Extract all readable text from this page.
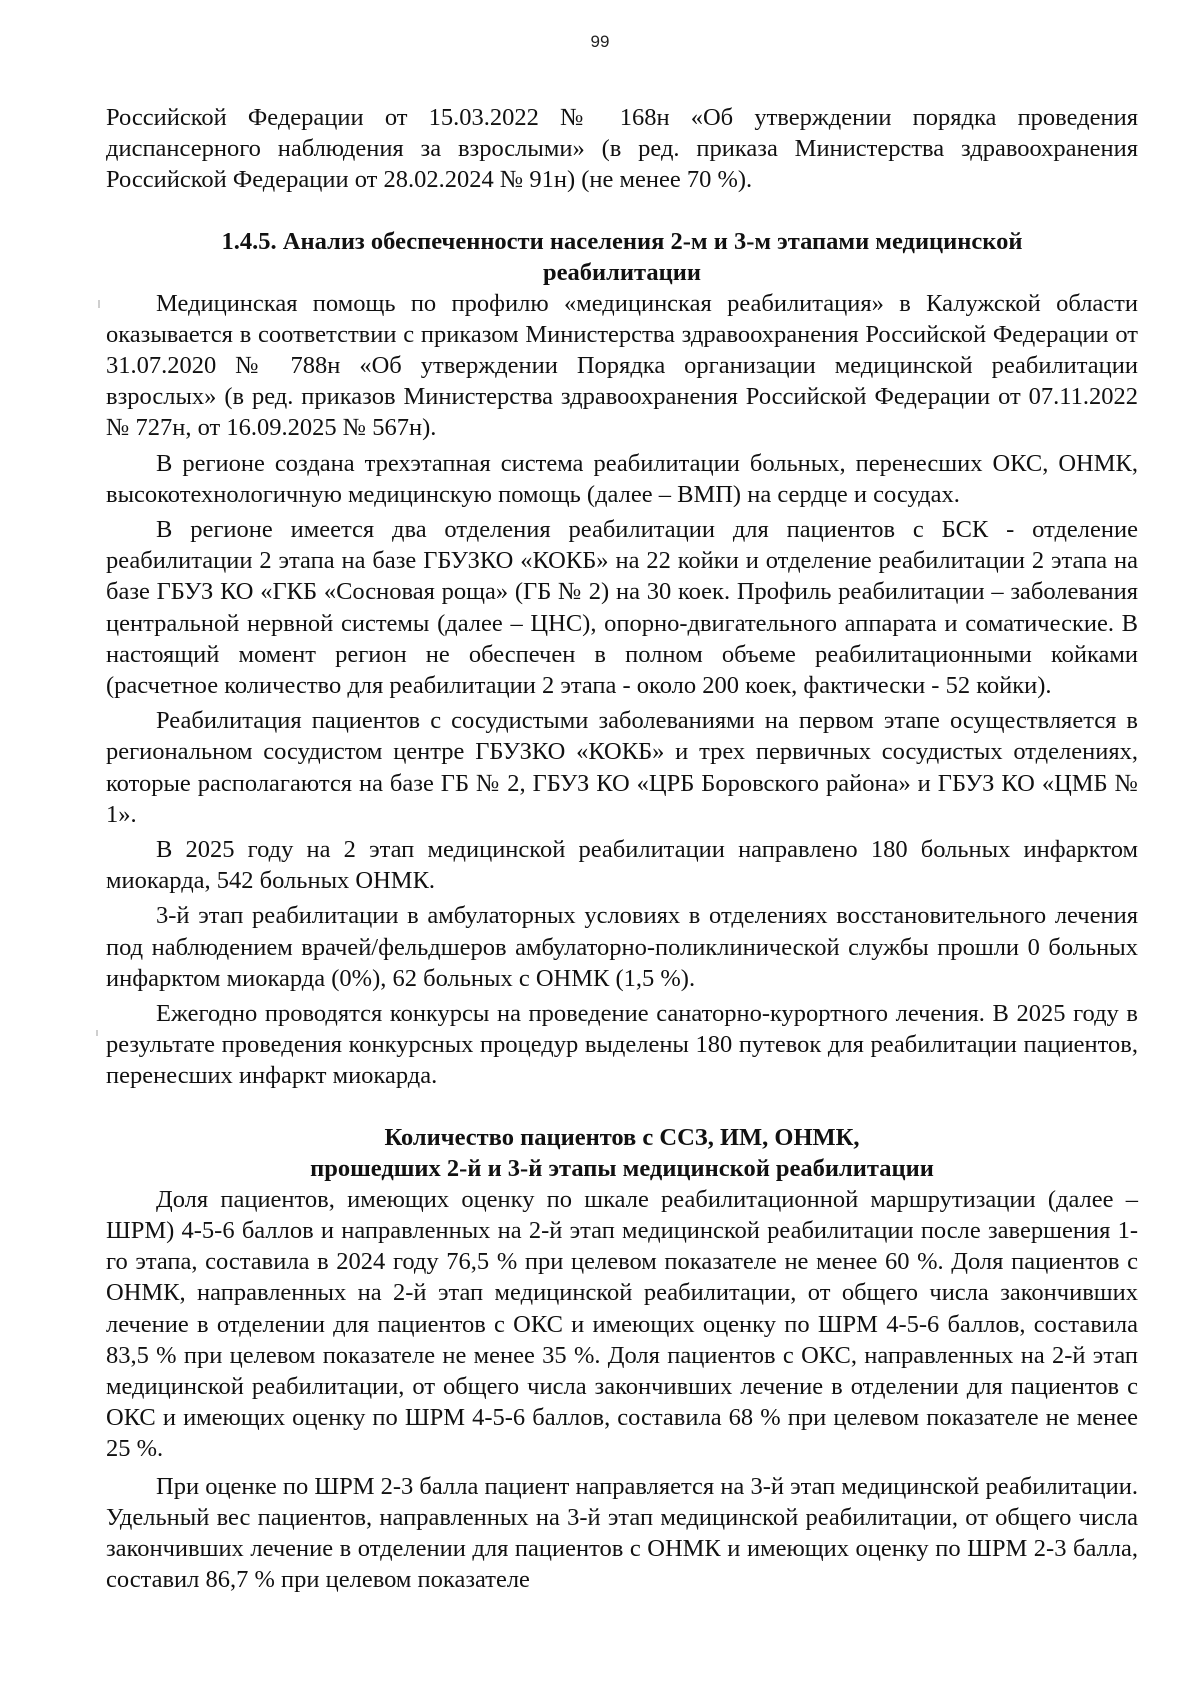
99

Российской Федерации от 15.03.2022 № 168н «Об утверждении порядка проведения диспансерного наблюдения за взрослыми» (в ред. приказа Министерства здравоохранения Российской Федерации от 28.02.2024 № 91н) (не менее 70 %).

1.4.5. Анализ обеспеченности населения 2-м и 3-м этапами медицинской
реабилитации

Медицинская помощь по профилю «медицинская реабилитация» в Калужской области оказывается в соответствии с приказом Министерства здравоохранения Российской Федерации от 31.07.2020 № 788н «Об утверждении Порядка организации медицинской реабилитации взрослых» (в ред. приказов Министерства здравоохранения Российской Федерации от 07.11.2022 № 727н, от 16.09.2025 № 567н).

В регионе создана трехэтапная система реабилитации больных, перенесших ОКС, ОНМК, высокотехнологичную медицинскую помощь (далее – ВМП) на сердце и сосудах.

В регионе имеется два отделения реабилитации для пациентов с БСК - отделение реабилитации 2 этапа на базе ГБУЗКО «КОКБ» на 22 койки и отделение реабилитации 2 этапа на базе ГБУЗ КО «ГКБ «Сосновая роща» (ГБ № 2) на 30 коек. Профиль реабилитации – заболевания центральной нервной системы (далее – ЦНС), опорно-двигательного аппарата и соматические. В настоящий момент регион не обеспечен в полном объеме реабилитационными койками (расчетное количество для реабилитации 2 этапа - около 200 коек, фактически - 52 койки).

Реабилитация пациентов с сосудистыми заболеваниями на первом этапе осуществляется в региональном сосудистом центре ГБУЗКО «КОКБ» и трех первичных сосудистых отделениях, которые располагаются на базе ГБ № 2, ГБУЗ КО «ЦРБ Боровского района» и ГБУЗ КО «ЦМБ № 1».

В 2025 году на 2 этап медицинской реабилитации направлено 180 больных инфарктом миокарда, 542 больных ОНМК.

3-й этап реабилитации в амбулаторных условиях в отделениях восстановительного лечения под наблюдением врачей/фельдшеров амбулаторно-поликлинической службы прошли 0 больных инфарктом миокарда (0%), 62 больных с ОНМК (1,5 %).

Ежегодно проводятся конкурсы на проведение санаторно-курортного лечения. В 2025 году в результате проведения конкурсных процедур выделены 180 путевок для реабилитации пациентов, перенесших инфаркт миокарда.

Количество пациентов с ССЗ, ИМ, ОНМК,
прошедших 2-й и 3-й этапы медицинской реабилитации

Доля пациентов, имеющих оценку по шкале реабилитационной маршрутизации (далее – ШРМ) 4-5-6 баллов и направленных на 2-й этап медицинской реабилитации после завершения 1-го этапа, составила в 2024 году 76,5 % при целевом показателе не менее 60 %. Доля пациентов с ОНМК, направленных на 2-й этап медицинской реабилитации, от общего числа закончивших лечение в отделении для пациентов с ОКС и имеющих оценку по ШРМ 4-5-6 баллов, составила 83,5 % при целевом показателе не менее 35 %. Доля пациентов с ОКС, направленных на 2-й этап медицинской реабилитации, от общего числа закончивших лечение в отделении для пациентов с ОКС и имеющих оценку по ШРМ 4-5-6 баллов, составила 68 % при целевом показателе не менее 25 %.

При оценке по ШРМ 2-3 балла пациент направляется на 3-й этап медицинской реабилитации. Удельный вес пациентов, направленных на 3-й этап медицинской реабилитации, от общего числа закончивших лечение в отделении для пациентов с ОНМК и имеющих оценку по ШРМ 2-3 балла, составил 86,7 % при целевом показателе
